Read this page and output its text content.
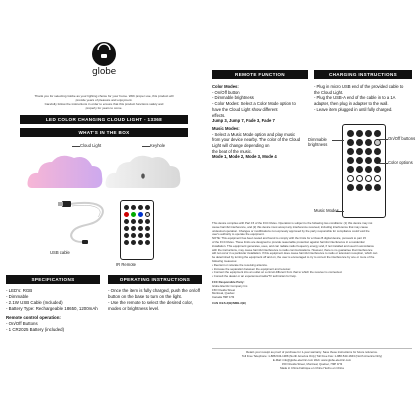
globe
Thank you for selecting Globe as your lighting choice for your home. With proper use, this product will
provide years of pleasure and enjoyment.
Carefully follow the instructions in order to ensure that this product functions safely and
properly for years to come.
LED COLOR CHANGING CLOUD LIGHT - 13368
WHAT'S IN THE BOX
Cloud Light	Keyhole
USB cable
IR Remote
SPECIFICATIONS
- LED's: RGB
- Dimmable
- 2.1W USB Cable (Included)
- Battery Type: Rechargeable 18650, 1200mAh
Remote control operation:
- On/Off Buttons
- 1 CR2025 Battery (included)
OPERATING INSTRUCTIONS
- Once the item is fully charged, push the on/off
button on the base to turn on the light.
- Use the remote to select the desired color,
modes or brightness level.
REMOTE FUNCTION	CHARGING INSTRUCTIONS
Color Modes:
- On/Off button
- Dimmable brightness
- Color Modes: Select a Color Mode option to
have the Cloud Light show different
effects.
Jump 3, Jump 7, Fade 3, Fade 7
Music Modes:
- Select a Music Mode option and play music
from your device nearby. The color of the Cloud
Light will change depending on
the beat of the music.
Mode 1, Mode 2, Mode 3, Mode 4
- Plug in micro USB end of the provided cable to
the Cloud Light.
- Plug the USB-A end of the cable in to a 1A
adapter, then plug in adapter to the wall.
- Leave item plugged in until fully charged.
Dimmable brightness
On/Off buttons
Color options
Music Modes
This device complies with Part 15 of the FCC Rules. Operation is subject to the following two conditions: (1) this device may not
cause harmful interference, and (2) this device must accept any interference received, including interference that may cause
undesired operation. Changes or modifications not expressly approved by the party responsible for compliance could void the
user's authority to operate the equipment.
NOTE: This equipment has been tested and found to comply with the limits for a Class B digital device, pursuant to part 15
of the FCC Rules. These limits are designed to provide reasonable protection against harmful interference in a residential
installation. This equipment generates, uses, and can radiate radio frequency energy and, if not installed and used in accordance
with the instructions, may cause harmful interference to radio communications. However, there is no guarantee that interference
will not occur in a particular installation. If this equipment does cause harmful interference to radio or television reception, which can
be determined by turning the equipment off and on, the user is encouraged to try to correct the interference by one or more of the
following measures:
• Reorient or relocate the receiving antenna.
• Increase the separation between the equipment and receiver.
• Connect the equipment into an outlet on a circuit different from that to which the receiver is connected.
• Consult the dealer or an experienced radio/TV technician for help.
FCC Responsible Party:
Globe Electric Company Inc.
150 Oneida Street
Montreal, Quebec
Canada H9P 1H3
CAN ICES-3(B)/NMB-3(B)
Retain your receipt as proof of purchase for 1-year warranty. Save these instructions for future reference.
Toll Free Telephone: 1-888-543-1388 (North America Only) Toll Free Fax: 1-888-543-1843 (North America Only)
E-Mail: info@globe-electric.com Web: www.globe-electric.com
150 Oneida Street, Montreal, Quebec, H9P 1H3
Made in China Fabrique en Chine Hecho en China
